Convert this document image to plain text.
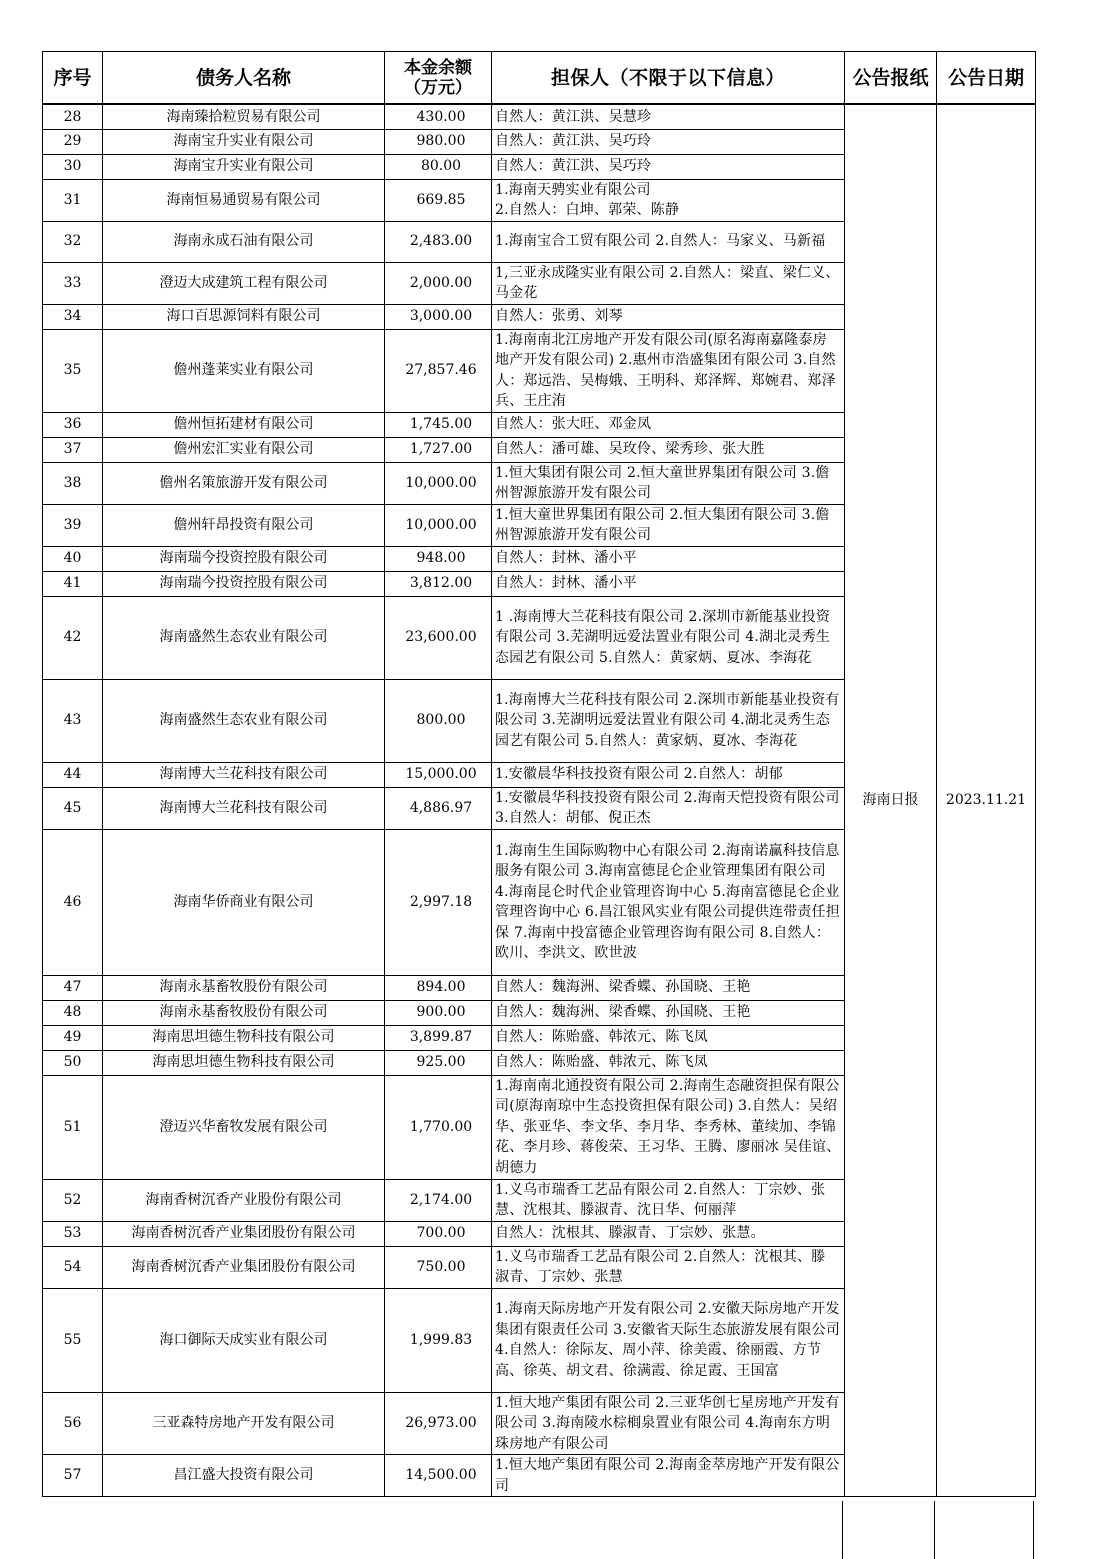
序号	债务人名称	本金余额
（万元）	担保人（不限于以下信息）	公告报纸	公告日期
28	海南臻拾粒贸易有限公司	430.00	自然人：黄江洪、吴慧珍	海南日报	2023.11.21
29	海南宝升实业有限公司	980.00	自然人：黄江洪、吴巧玲		
30	海南宝升实业有限公司	80.00	自然人：黄江洪、吴巧玲		
31	海南恒易通贸易有限公司	669.85	1.海南天骋实业有限公司
2.自然人：白坤、郭荣、陈静		
32	海南永成石油有限公司	2,483.00	1.海南宝合工贸有限公司 2.自然人：马家义、马新福		
33	澄迈大成建筑工程有限公司	2,000.00	1,三亚永成隆实业有限公司 2.自然人：梁直、梁仁义、马金花		
34	海口百思源饲料有限公司	3,000.00	自然人：张勇、刘琴		
35	儋州蓬莱实业有限公司	27,857.46	1.海南南北江房地产开发有限公司(原名海南嘉隆泰房地产开发有限公司) 2.惠州市浩盛集团有限公司 3.自然人：郑远浩、吴梅娥、王明科、郑泽辉、郑婉君、郑泽兵、王庄洧		
36	儋州恒拓建材有限公司	1,745.00	自然人：张大旺、邓金凤		
37	儋州宏汇实业有限公司	1,727.00	自然人：潘可雄、吴玫伶、梁秀珍、张大胜		
38	儋州名策旅游开发有限公司	10,000.00	1.恒大集团有限公司 2.恒大童世界集团有限公司 3.儋州智源旅游开发有限公司		
39	儋州轩昂投资有限公司	10,000.00	1.恒大童世界集团有限公司 2.恒大集团有限公司 3.儋州智源旅游开发有限公司		
40	海南瑞今投资控股有限公司	948.00	自然人：封林、潘小平		
41	海南瑞今投资控股有限公司	3,812.00	自然人：封林、潘小平		
42	海南盛然生态农业有限公司	23,600.00	1 .海南博大兰花科技有限公司 2.深圳市新能基业投资有限公司 3.芜湖明远爱法置业有限公司 4.湖北灵秀生态园艺有限公司 5.自然人：黄家炳、夏冰、李海花		
43	海南盛然生态农业有限公司	800.00	1.海南博大兰花科技有限公司 2.深圳市新能基业投资有限公司 3.芜湖明远爱法置业有限公司 4.湖北灵秀生态园艺有限公司 5.自然人：黄家炳、夏冰、李海花		
44	海南博大兰花科技有限公司	15,000.00	1.安徽晨华科技投资有限公司 2.自然人：胡郁		
45	海南博大兰花科技有限公司	4,886.97	1.安徽晨华科技投资有限公司 2.海南天恺投资有限公司 3.自然人：胡郁、倪正杰		
46	海南华侨商业有限公司	2,997.18	1.海南生生国际购物中心有限公司 2.海南诺赢科技信息服务有限公司 3.海南富德昆仑企业管理集团有限公司 4.海南昆仑时代企业管理咨询中心 5.海南富德昆仑企业管理咨询中心 6.昌江银风实业有限公司提供连带责任担保 7.海南中投富德企业管理咨询有限公司 8.自然人：欧川、李洪文、欧世波		
47	海南永基畜牧股份有限公司	894.00	自然人：魏海洲、梁香蝶、孙国晓、王艳		
48	海南永基畜牧股份有限公司	900.00	自然人：魏海洲、梁香蝶、孙国晓、王艳		
49	海南思坦德生物科技有限公司	3,899.87	自然人：陈贻盛、韩浓元、陈飞凤		
50	海南思坦德生物科技有限公司	925.00	自然人：陈贻盛、韩浓元、陈飞凤		
51	澄迈兴华畜牧发展有限公司	1,770.00	1.海南南北通投资有限公司 2.海南生态融资担保有限公司(原海南琼中生态投资担保有限公司) 3.自然人：吴绍华、张亚华、李文华、李月华、李秀林、董续加、李锦花、李月珍、蒋俊荣、王习华、王腾、廖丽冰 吴佳谊、胡德力		
52	海南香树沉香产业股份有限公司	2,174.00	1.义乌市瑞香工艺品有限公司 2.自然人：丁宗妙、张慧、沈根其、滕淑青、沈日华、何丽萍		
53	海南香树沉香产业集团股份有限公司	700.00	自然人：沈根其、滕淑青、丁宗妙、张慧。		
54	海南香树沉香产业集团股份有限公司	750.00	1.义乌市瑞香工艺品有限公司 2.自然人：沈根其、滕 淑青、丁宗妙、张慧		
55	海口御际天成实业有限公司	1,999.83	1.海南天际房地产开发有限公司 2.安徽天际房地产开发集团有限责任公司 3.安徽省天际生态旅游发展有限公司 4.自然人：徐际友、周小萍、徐美霞、徐丽霞、方节高、徐英、胡文君、徐满霞、徐足霞、王国富		
56	三亚森特房地产开发有限公司	26,973.00	1.恒大地产集团有限公司 2.三亚华创七星房地产开发有限公司 3.海南陵水棕榈泉置业有限公司 4.海南东方明珠房地产有限公司		
57	昌江盛大投资有限公司	14,500.00	1.恒大地产集团有限公司 2.海南金萃房地产开发有限公司		
